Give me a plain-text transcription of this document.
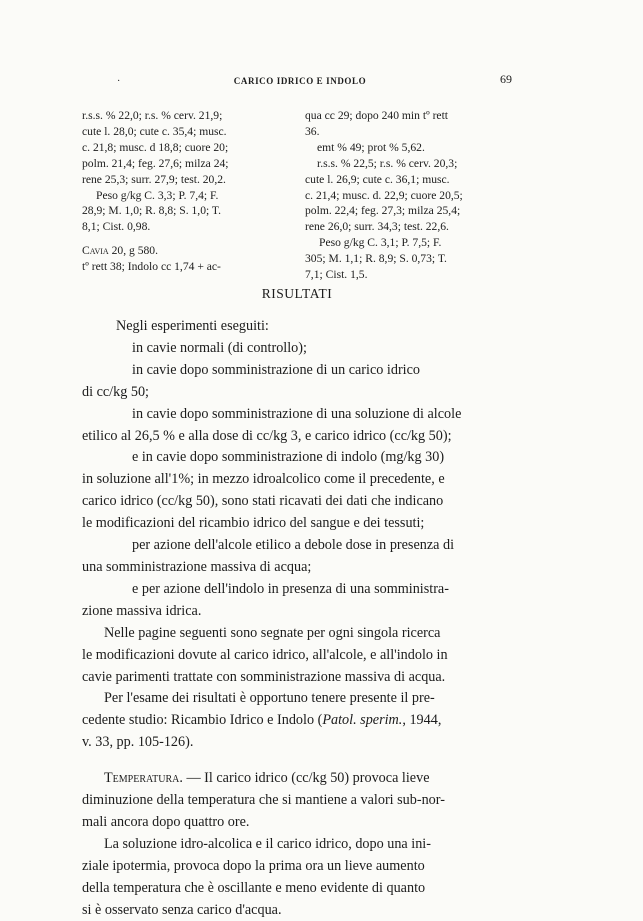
·	CARICO IDRICO E INDOLO	69
r.s.s. % 22,0; r.s. % cerv. 21,9;
cute l. 28,0; cute c. 35,4; musc.
c. 21,8; musc. d 18,8; cuore 20;
polm. 21,4; feg. 27,6; milza 24;
rene 25,3; surr. 27,9; test. 20,2.
Peso g/kg C. 3,3; P. 7,4; F.
28,9; M. 1,0; R. 8,8; S. 1,0; T.
8,1; Cist. 0,98.
Cavia 20, g 580.
tº rett 38; Indolo cc 1,74 + ac-
qua cc 29; dopo 240 min tº rett
36.
emt % 49; prot % 5,62.
r.s.s. % 22,5; r.s. % cerv. 20,3;
cute l. 26,9; cute c. 36,1; musc.
c. 21,4; musc. d. 22,9; cuore 20,5;
polm. 22,4; feg. 27,3; milza 25,4;
rene 26,0; surr. 34,3; test. 22,6.
Peso g/kg C. 3,1; P. 7,5; F.
305; M. 1,1; R. 8,9; S. 0,73; T.
7,1; Cist. 1,5.
RISULTATI
Negli esperimenti eseguiti:
in cavie normali (di controllo);
in cavie dopo somministrazione di un carico idrico
di cc/kg 50;
in cavie dopo somministrazione di una soluzione di alcole
etilico al 26,5 % e alla dose di cc/kg 3, e carico idrico (cc/kg 50);
e in cavie dopo somministrazione di indolo (mg/kg 30)
in soluzione all'1%; in mezzo idroalcolico come il precedente, e
carico idrico (cc/kg 50), sono stati ricavati dei dati che indicano
le modificazioni del ricambio idrico del sangue e dei tessuti;
per azione dell'alcole etilico a debole dose in presenza di
una somministrazione massiva di acqua;
e per azione dell'indolo in presenza di una somministra-
zione massiva idrica.
Nelle pagine seguenti sono segnate per ogni singola ricerca
le modificazioni dovute al carico idrico, all'alcole, e all'indolo in
cavie parimenti trattate con somministrazione massiva di acqua.
Per l'esame dei risultati è opportuno tenere presente il pre-
cedente studio: Ricambio Idrico e Indolo (Patol. sperim., 1944,
v. 33, pp. 105-126).
Temperatura. — Il carico idrico (cc/kg 50) provoca lieve
diminuzione della temperatura che si mantiene a valori sub-nor-
mali ancora dopo quattro ore.
La soluzione idro-alcolica e il carico idrico, dopo una ini-
ziale ipotermia, provoca dopo la prima ora un lieve aumento
della temperatura che è oscillante e meno evidente di quanto
si è osservato senza carico d'acqua.
